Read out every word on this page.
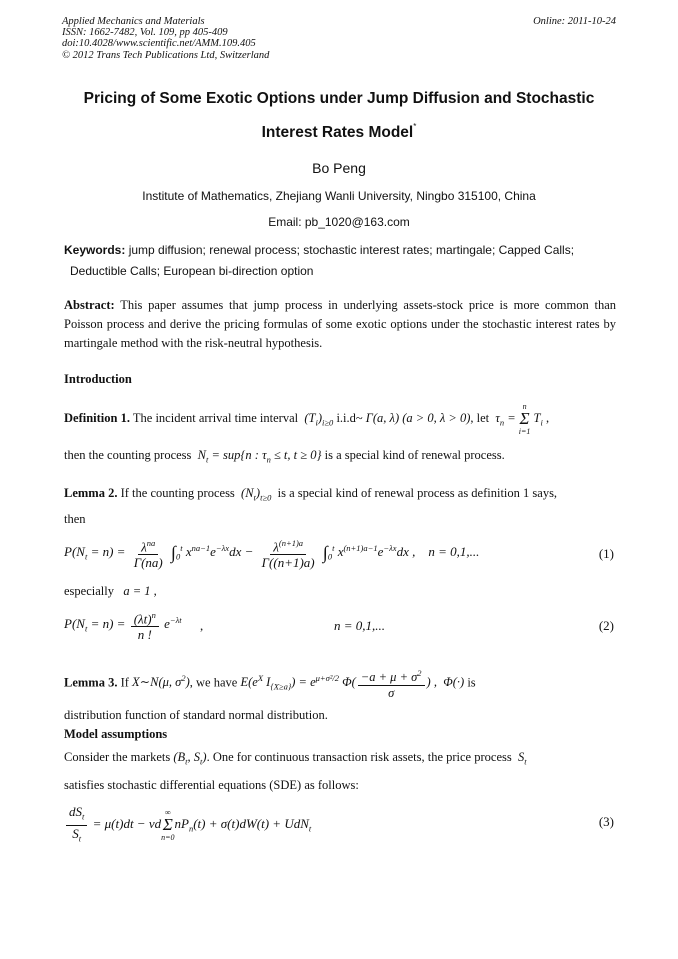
Applied Mechanics and Materials
ISSN: 1662-7482, Vol. 109, pp 405-409
doi:10.4028/www.scientific.net/AMM.109.405
© 2012 Trans Tech Publications Ltd, Switzerland
Online: 2011-10-24
Pricing of Some Exotic Options under Jump Diffusion and Stochastic
Interest Rates Model*
Bo Peng
Institute of Mathematics, Zhejiang Wanli University, Ningbo 315100, China
Email: pb_1020@163.com
Keywords: jump diffusion; renewal process; stochastic interest rates; martingale; Capped Calls;
Deductible Calls; European bi-direction option
Abstract: This paper assumes that jump process in underlying assets-stock price is more common than Poisson process and derive the pricing formulas of some exotic options under the stochastic interest rates by martingale method with the risk-neutral hypothesis.
Introduction
Definition 1. The incident arrival time interval  $(T_i)_{i\ge 0}$ i.i.d~ Γ(a, λ) (a > 0, λ > 0), let  $\tau_n$ =
n
Σ
i=1
$T_i$ ,
then the counting process  $N_t = sup\{n$ : $\tau_n \le t$, t ≥ 0} is a special kind of renewal process.
Lemma 2. If the counting process  $(N_t)_{t\ge 0}$ is a special kind of renewal process as definition 1 says,
then
$P(N_t = n) = \frac{\lambda^{na}}{\Gamma(na)} \int_0^t$ $x^{na-1}e^{-\lambda x}dx - \frac{\lambda^{(n+1)a}}{\Gamma((n+1)a)} \int_0^t$ $x^{(n+1)a-1}e^{-\lambda x}dx$ ,    n = 0,1,...	(1)
especially   a = 1 ,
$P(N_t = n) = \frac{(\lambda t)^n}{n !} e^{-\lambda t}$ ,	n = 0,1,...	(2)
Lemma 3. If X∼N(μ, $\sigma^2$), we have $E(e^X$ $I_{\{X\ge a\}}) = e^{\mu+\sigma^2/2}$ $\Phi( \frac{-a + \mu + \sigma^2}{\sigma}$ ) ,  Φ(·) is
distribution function of standard normal distribution.
Model assumptions
Consider the markets ($B_t$, $S_t$). One for continuous transaction risk assets, the price process  $S_t$
satisfies stochastic differential equations (SDE) as follows:
$\frac{dS_t}{S_t} = \mu(t)dt$ − vd
∞
Σ
n=0
$nP_n(t) + \sigma(t)dW(t) + UdN_t$	(3)
